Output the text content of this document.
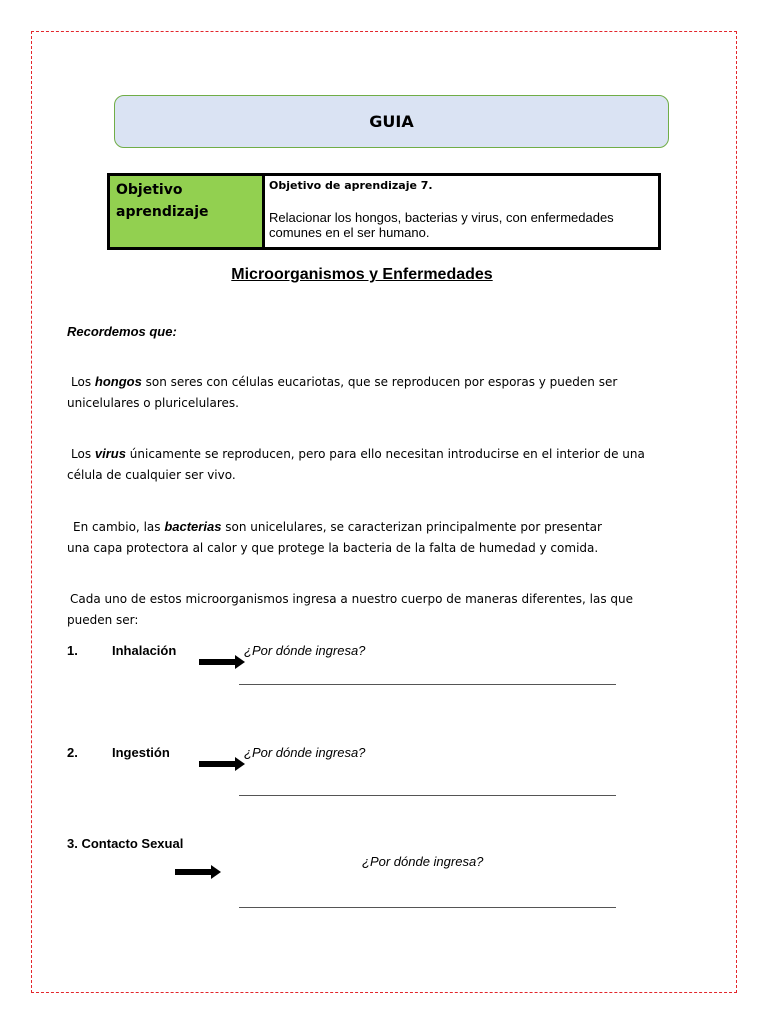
GUIA
Objetivo aprendizaje	
Objetivo de aprendizaje 7.
Relacionar los hongos, bacterias y virus, con enfermedades comunes en el ser humano.
Microorganismos y Enfermedades
Recordemos que:
Los hongos son seres con células eucariotas, que se reproducen por esporas y pueden ser unicelulares o pluricelulares.
Los virus únicamente se reproducen, pero para ello necesitan introducirse en el interior de una célula de cualquier ser vivo.
En cambio, las bacterias son unicelulares, se caracterizan principalmente por presentar una capa protectora al calor y que protege la bacteria de la falta de humedad y comida.
Cada uno de estos microorganismos ingresa a nuestro cuerpo de maneras diferentes, las que pueden ser:
1.	Inhalación	¿Por dónde ingresa?
2.	Ingestión	¿Por dónde ingresa?
3. Contacto Sexual
¿Por dónde ingresa?
